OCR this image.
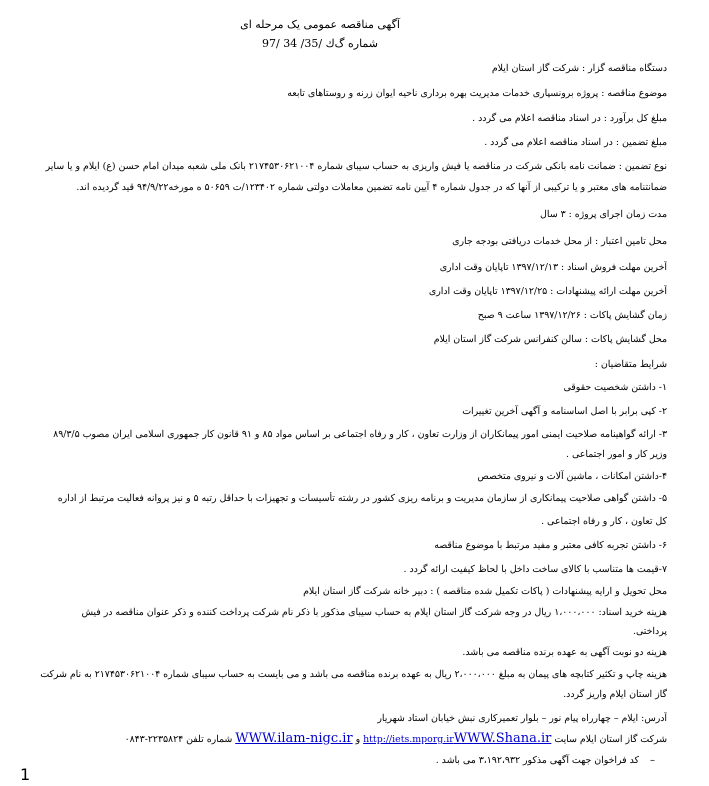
آگهی مناقصه عمومی یک مرحله ای

شماره گ‌ك /35/ 34 /97

دستگاه مناقصه گزار : شرکت گاز استان ایلام

موضوع مناقصه : پروژه برونسپاری خدمات مدیریت بهره برداری ناحیه ایوان زرنه و روستاهای تابعه

مبلغ کل برآورد : در اسناد مناقصه اعلام می گردد .

مبلغ تضمین : در اسناد مناقصه اعلام می گردد .

نوع تضمین : ضمانت نامه بانکی شرکت در مناقصه یا فیش واریزی به حساب سیبای شماره ۲۱۷۴۵۳۰۶۲۱۰۰۴ بانک ملی شعبه میدان امام حسن (ع) ایلام و یا سایر

ضمانتنامه های معتبر و یا ترکیبی از آنها که در جدول شماره ۴ آیین نامه تضمین معاملات دولتی شماره ۱۲۳۴۰۲/ت ۵۰۶۵۹ ه مورخه۹۴/۹/۲۲ قید گردیده اند.

مدت زمان اجرای پروژه : ۳ سال

محل تامین اعتبار : از محل خدمات دریافتی بودجه جاری

آخرین مهلت فروش اسناد : ۱۳۹۷/۱۲/۱۳ تاپایان وقت اداری

آخرین مهلت ارائه پیشنهادات : ۱۳۹۷/۱۲/۲۵ تاپایان وقت اداری

زمان گشایش پاکات : ۱۳۹۷/۱۲/۲۶ ساعت ۹ صبح

محل گشایش پاکات : سالن کنفرانس شرکت گاز استان ایلام

شرایط متقاضیان :

۱- داشتن شخصیت حقوقی

۲- کپی برابر با اصل اساسنامه و آگهی آخرین تغییرات

۳- ارائه گواهینامه صلاحیت ایمنی امور پیمانکاران از وزارت تعاون ، کار و رفاه اجتماعی بر اساس مواد ۸۵ و ۹۱ قانون کار جمهوری اسلامی ایران مصوب ۸۹/۳/۵

وزیر کار و امور اجتماعی .

۴-داشتن امکانات ، ماشین آلات و نیروی متخصص

۵- داشتن گواهی صلاحیت پیمانکاری از سازمان مدیریت و برنامه ریزی کشور در رشته تأسیسات و تجهیزات با حداقل رتبه ۵ و نیز پروانه فعالیت مرتبط از اداره

کل تعاون ، کار و رفاه اجتماعی .

۶- داشتن تجربه کافی معتبر و مفید مرتبط با موضوع مناقصه

۷-قیمت ها متناسب با کالای ساخت داخل با لحاظ کیفیت ارائه گردد .

محل تحویل و ارایه پیشنهادات ( پاکات تکمیل شده مناقصه ) : دبیر خانه شرکت گاز استان ایلام

هزینه خرید اسناد: ۱،۰۰۰،۰۰۰ ریال در وجه شرکت گاز استان ایلام به حساب سیبای مذکور با ذکر نام شرکت پرداخت کننده و ذکر عنوان مناقصه در فیش

پرداختی.

هزینه دو نوبت آگهی به عهده برنده مناقصه می باشد.

هزینه چاپ و تکثیر کتابچه های پیمان به مبلغ ۲،۰۰۰،۰۰۰ ریال به عهده برنده مناقصه می باشد و می بایست به حساب سیبای شماره ۲۱۷۴۵۳۰۶۲۱۰۰۴ به نام شرکت

گاز استان ایلام واریز گردد.

آدرس: ایلام – چهارراه پیام نور – بلوار تعمیرکاری نبش خیابان استاد شهریار

شرکت گاز استان ایلام سایت http://iets.mporg.irWWW.Shana.ir و WWW.ilam-nigc.ir شماره تلفن ۲۲۳۵۸۲۴-۰۸۴۳

–

کد فراخوان جهت آگهی مذکور ۳،۱۹۲،۹۳۲ می باشد .

1
